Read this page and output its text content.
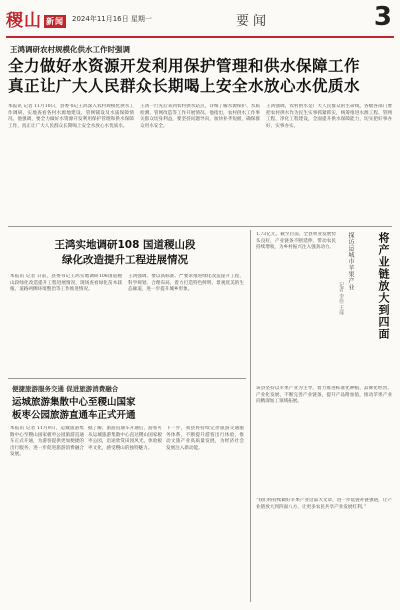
稷山 新闻 2024年11月16日 星期一	要闻	3
王鸿调研农村规模化供水工作时强调
全力做好水资源开发利用保护管理和供水保障工作
真正让广大人民群众长期喝上安全水放心水优质水
本报讯 记者 11月10日，县委书记王鸿深入农村规模化供水工作调研，实地查看各村水源地建设、管网铺设及水质保障情况。他强调，要全力做好水资源开发利用保护管理和供水保障工作，真正让广大人民群众长期喝上安全水放心水优质水。
王鸿一行先后来到农村供水站点，详细了解水源保护、水质检测、管网改造等工作开展情况。他指出，农村供水工作事关群众切身利益，要坚持问题导向，加快补齐短板，确保群众用水安全。
王鸿强调，农村供水是广大人民群众的生命线，各级各部门要把农村供水作为民生实事抓紧抓实，统筹推进水源工程、管网工程、净化工程建设，全面提升供水保障能力，切实把好事办好、实事办实。
王鸿实地调研108 国道稷山段
绿化改造提升工程进展情况
本报讯 记者 日前，县委书记王鸿实地调研108国道稷山段绿化改造提升工程进展情况，现场查看绿化苗木栽植、道路两侧环境整治等工作推进情况。
王鸿强调，要以高标准、严要求推进绿化改造提升工程，科学规划、合理布局，着力打造特色鲜明、景观优美的生态廊道，进一步提升城乡形象。
便捷旅游服务交通 促进旅游消费融合
运城旅游集散中心至稷山国家
板枣公园旅游直通车正式开通
本报讯 记者 11月9日，运城旅游集散中心至稷山国家板枣公园旅游直通车正式开通，为游客提供更加便捷的出行服务，进一步促进旅游消费融合发展。
据了解，旅游直通车开通后，游客可从运城旅游集散中心直达稷山国家板枣公园，沿途欣赏田园风光，体验板枣文化，感受稷山的独特魅力。
下一步，我县将持续完善旅游交通服务体系，不断提升游客出行体验，推动文旅产业高质量发展，为经济社会发展注入新动能。
1.73亿元，截至目前，全县果业发展势头良好，产业链条不断延伸，带动农民持续增收，为乡村振兴注入强劲动力。	将产业链放大到四面
探访运城市苹果产业
记者 李佳 王琦
该县坚持以苹果产业为主导，着力推进标准化种植、品牌化经营、产业化发展，不断完善产业链条，提升产品附加值，推动苹果产业向精深加工领域拓展。
“我们将持续做好苹果产业这篇大文章，进一步延链补链强链，让产业链放大到四面八方，让更多农民共享产业发展红利。”
